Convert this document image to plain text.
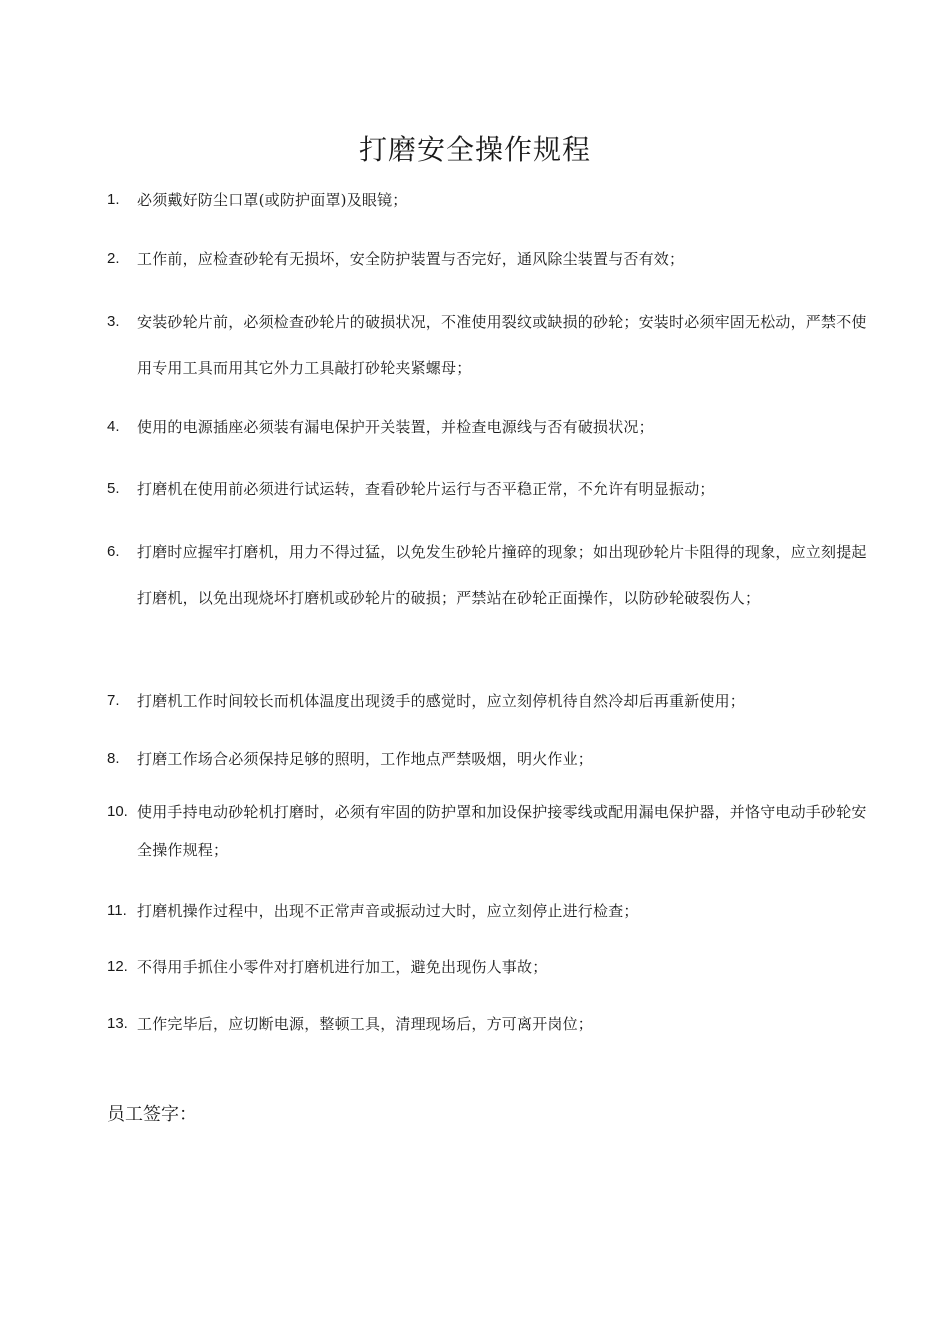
打磨安全操作规程
1. 必须戴好防尘口罩(或防护面罩)及眼镜；
2. 工作前，应检查砂轮有无损坏，安全防护装置与否完好，通风除尘装置与否有效；
3. 安装砂轮片前，必须检查砂轮片的破损状况，不准使用裂纹或缺损的砂轮；安装时必须牢固无松动，严禁不使用专用工具而用其它外力工具敲打砂轮夹紧螺母；
4. 使用的电源插座必须装有漏电保护开关装置，并检查电源线与否有破损状况；
5. 打磨机在使用前必须进行试运转，查看砂轮片运行与否平稳正常，不允许有明显振动；
6. 打磨时应握牢打磨机，用力不得过猛，以免发生砂轮片撞碎的现象；如出现砂轮片卡阻得的现象，应立刻提起打磨机，以免出现烧坏打磨机或砂轮片的破损；严禁站在砂轮正面操作，以防砂轮破裂伤人；
7. 打磨机工作时间较长而机体温度出现烫手的感觉时，应立刻停机待自然冷却后再重新使用；
8. 打磨工作场合必须保持足够的照明，工作地点严禁吸烟，明火作业；
10. 使用手持电动砂轮机打磨时，必须有牢固的防护罩和加设保护接零线或配用漏电保护器，并恪守电动手砂轮安全操作规程；
11. 打磨机操作过程中，出现不正常声音或振动过大时，应立刻停止进行检查；
12. 不得用手抓住小零件对打磨机进行加工，避免出现伤人事故；
13. 工作完毕后，应切断电源，整顿工具，清理现场后，方可离开岗位；
员工签字：
